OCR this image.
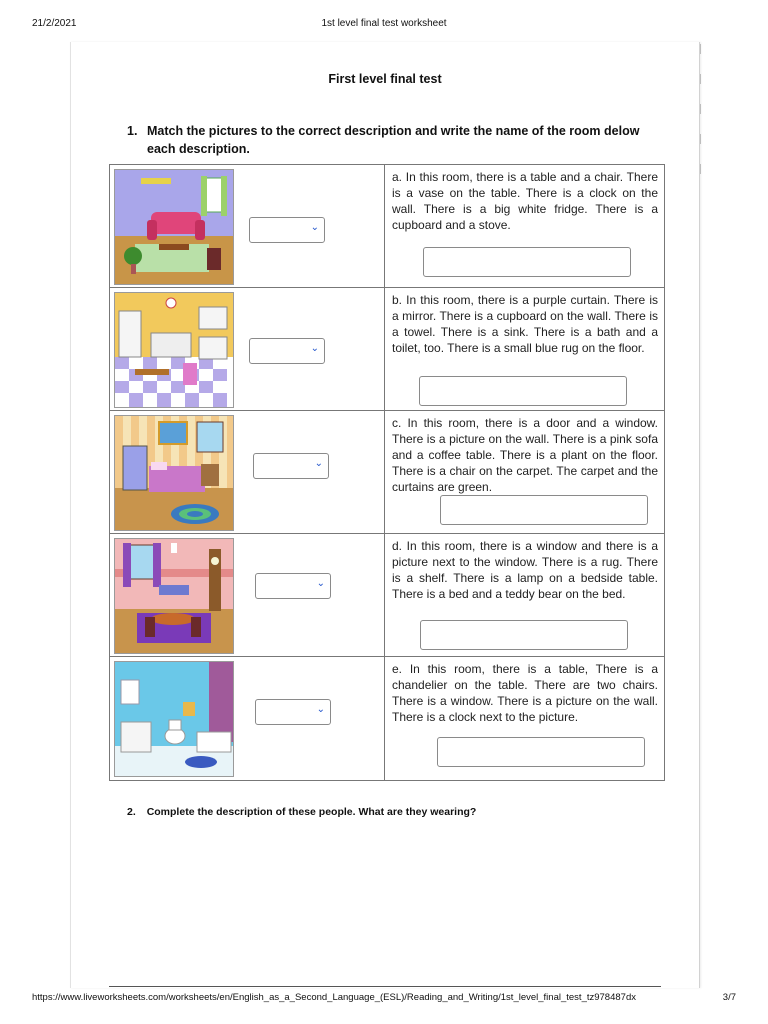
21/2/2021	1st level final test worksheet
First level final test
1. Match the pictures to the correct description and write the name of the room delow each description.
⌄
a. In this room, there is a table and a chair. There is a vase on the table. There is a clock on the wall. There is a big white fridge. There is a cupboard and a stove.
⌄
b. In this room, there is a purple curtain. There is a mirror. There is a cupboard on the wall. There is a towel. There is a sink. There is a bath and a toilet, too. There is a small blue rug on the floor.
⌄
c. In this room, there is a door and a window. There is a picture on the wall. There is a pink sofa and a coffee table. There is a plant on the floor. There is a chair on the carpet. The carpet and the curtains are green.
⌄
d. In this room, there is a window and there is a picture next to the window. There is a rug. There is a shelf. There is a lamp on a bedside table. There is a bed and a teddy bear on the bed.
⌄
e. In this room, there is a table, There is a chandelier on the table. There are two chairs. There is a window. There is a picture on the wall. There is a clock next to the picture.
2. Complete the description of these people. What are they wearing?
https://www.liveworksheets.com/worksheets/en/English_as_a_Second_Language_(ESL)/Reading_and_Writing/1st_level_final_test_tz978487dx	3/7
